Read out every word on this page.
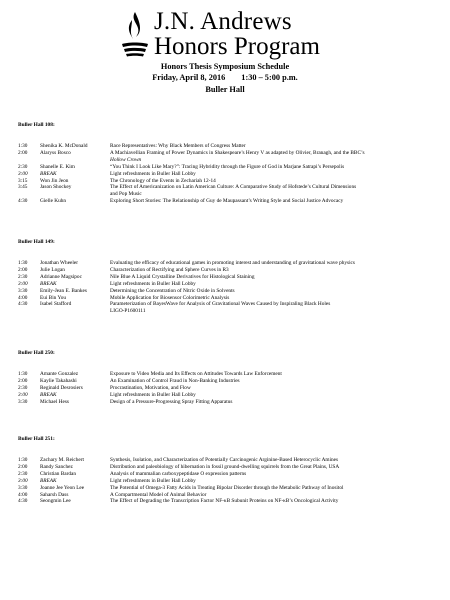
J.N. Andrews
Honors Program
Honors Thesis Symposium Schedule
Friday, April 8, 2016 1:30 – 5:00 p.m.
Buller Hall
Buller Hall 108:
1:30	Shenika K. McDonald	Race Representatives: Why Black Members of Congress Matter
2:00	Alaryss Bosco	A Machiavellian Framing of Power Dynamics in Shakespeare’s Henry V as adapted by Olivier, Branagh, and the BBC’s
Hollow Crown
2:30	Shanelle E. Kim	“You Think I Look Like Mary?”: Tracing Hybridity through the Figure of God in Marjane Satrapi’s Persepolis
3:00	BREAK	Light refreshments in Buller Hall Lobby
3:15	Won Jin Jeon	The Chronology of the Events in Zechariah 12-14
3:45	Jason Shockey	The Effect of Americanization on Latin American Culture: A Comparative Study of Hofstede’s Cultural Dimensions
and Pop Music
4:30	Gielle Kuhn	Exploring Short Stories: The Relationship of Guy de Maupassant’s Writing Style and Social Justice Advocacy
Buller Hall 149:
1:30	Jonathan Wheeler	Evaluating the efficacy of educational games in promoting interest and understanding of gravitational wave physics
2:00	Julie Logan	Characterization of Rectifying and Sphere Curves in R3
2:30	Adrianne Magsipoc	Nile Blue A Liquid Crystalline Derivatives for Histological Staining
3:00	BREAK	Light refreshments in Buller Hall Lobby
3:30	Emily-Jean E. Bankes	Determining the Concentration of Nitric Oxide in Solvents
4:00	Eui Bin You	Mobile Application for Biosensor Colorimetric Analysis
4:30	Isabel Stafford	Parameterization of BayesWave for Analysis of Gravitational Waves Caused by Inspiraling Black Holes
LIGO-P1600111
Buller Hall 250:
1:30	Amante Gonzalez	Exposure to Video Media and Its Effects on Attitudes Towards Law Enforcement
2:00	Kaylie Takahashi	An Examination of Control Fraud in Non-Banking Industries
2:30	Reginald Desrosiers	Procrastination, Motivation, and Flow
3:00	BREAK	Light refreshments in Buller Hall Lobby
3:30	Michael Hess	Design of a Pressure-Progressing Spray Fitting Apparatus
Buller Hall 251:
1:30	Zachary M. Reichert	Synthesis, Isolation, and Characterization of Potentially Carcinogenic Arginine-Based Heterocyclic Amines
2:00	Randy Sanchez	Distribution and paleobiology of hibernation in fossil ground-dwelling squirrels from the Great Plains, USA
2:30	Christian Bardan	Analysis of mammalian carboxypeptidase O expression patterns
3:00	BREAK	Light refreshments in Buller Hall Lobby
3:30	Joanne Jee Yeon Lee	The Potential of Omega-3 Fatty Acids in Treating Bipolar Disorder through the Metabolic Pathway of Inositol
4:00	Saharsh Dass	A Compartmental Model of Animal Behavior
4:30	Seongmin Lee	The Effect of Degrading the Transcription Factor NF-κB Subunit Proteins on NF-κB’s Oncological Activity
